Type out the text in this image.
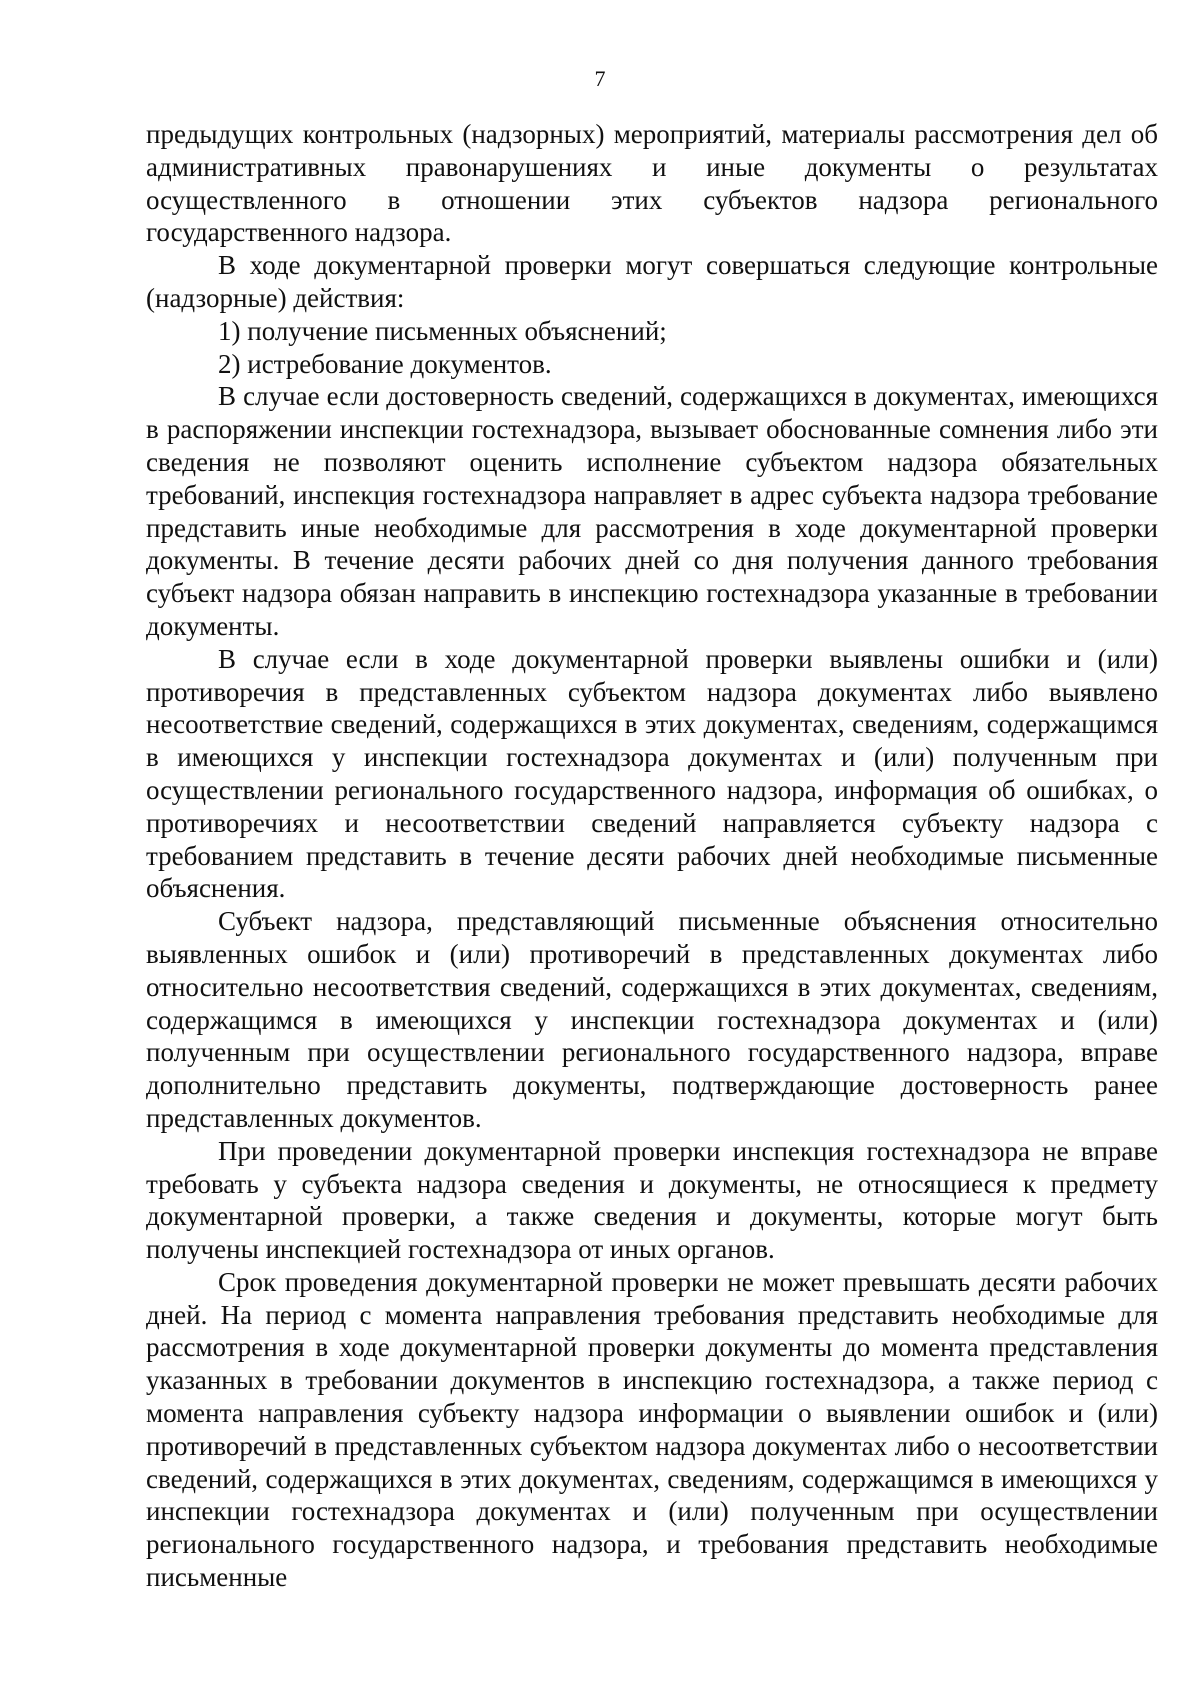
7

предыдущих контрольных (надзорных) мероприятий, материалы рассмотрения дел об административных правонарушениях и иные документы о результатах осуществленного в отношении этих субъектов надзора регионального государственного надзора.

В ходе документарной проверки могут совершаться следующие контрольные (надзорные) действия:

1) получение письменных объяснений;

2) истребование документов.

В случае если достоверность сведений, содержащихся в документах, имеющихся в распоряжении инспекции гостехнадзора, вызывает обоснованные сомнения либо эти сведения не позволяют оценить исполнение субъектом надзора обязательных требований, инспекция гостехнадзора направляет в адрес субъекта надзора требование представить иные необходимые для рассмотрения в ходе документарной проверки документы. В течение десяти рабочих дней со дня получения данного требования субъект надзора обязан направить в инспекцию гостехнадзора указанные в требовании документы.

В случае если в ходе документарной проверки выявлены ошибки и (или) противоречия в представленных субъектом надзора документах либо выявлено несоответствие сведений, содержащихся в этих документах, сведениям, содержащимся в имеющихся у инспекции гостехнадзора документах и (или) полученным при осуществлении регионального государственного надзора, информация об ошибках, о противоречиях и несоответствии сведений направляется субъекту надзора с требованием представить в течение десяти рабочих дней необходимые письменные объяснения.

Субъект надзора, представляющий письменные объяснения относительно выявленных ошибок и (или) противоречий в представленных документах либо относительно несоответствия сведений, содержащихся в этих документах, сведениям, содержащимся в имеющихся у инспекции гостехнадзора документах и (или) полученным при осуществлении регионального государственного надзора, вправе дополнительно представить документы, подтверждающие достоверность ранее представленных документов.

При проведении документарной проверки инспекция гостехнадзора не вправе требовать у субъекта надзора сведения и документы, не относящиеся к предмету документарной проверки, а также сведения и документы, которые могут быть получены инспекцией гостехнадзора от иных органов.

Срок проведения документарной проверки не может превышать десяти рабочих дней. На период с момента направления требования представить необходимые для рассмотрения в ходе документарной проверки документы до момента представления указанных в требовании документов в инспекцию гостехнадзора, а также период с момента направления субъекту надзора информации о выявлении ошибок и (или) противоречий в представленных субъектом надзора документах либо о несоответствии сведений, содержащихся в этих документах, сведениям, содержащимся в имеющихся у инспекции гостехнадзора документах и (или) полученным при осуществлении регионального государственного надзора, и требования представить необходимые письменные
